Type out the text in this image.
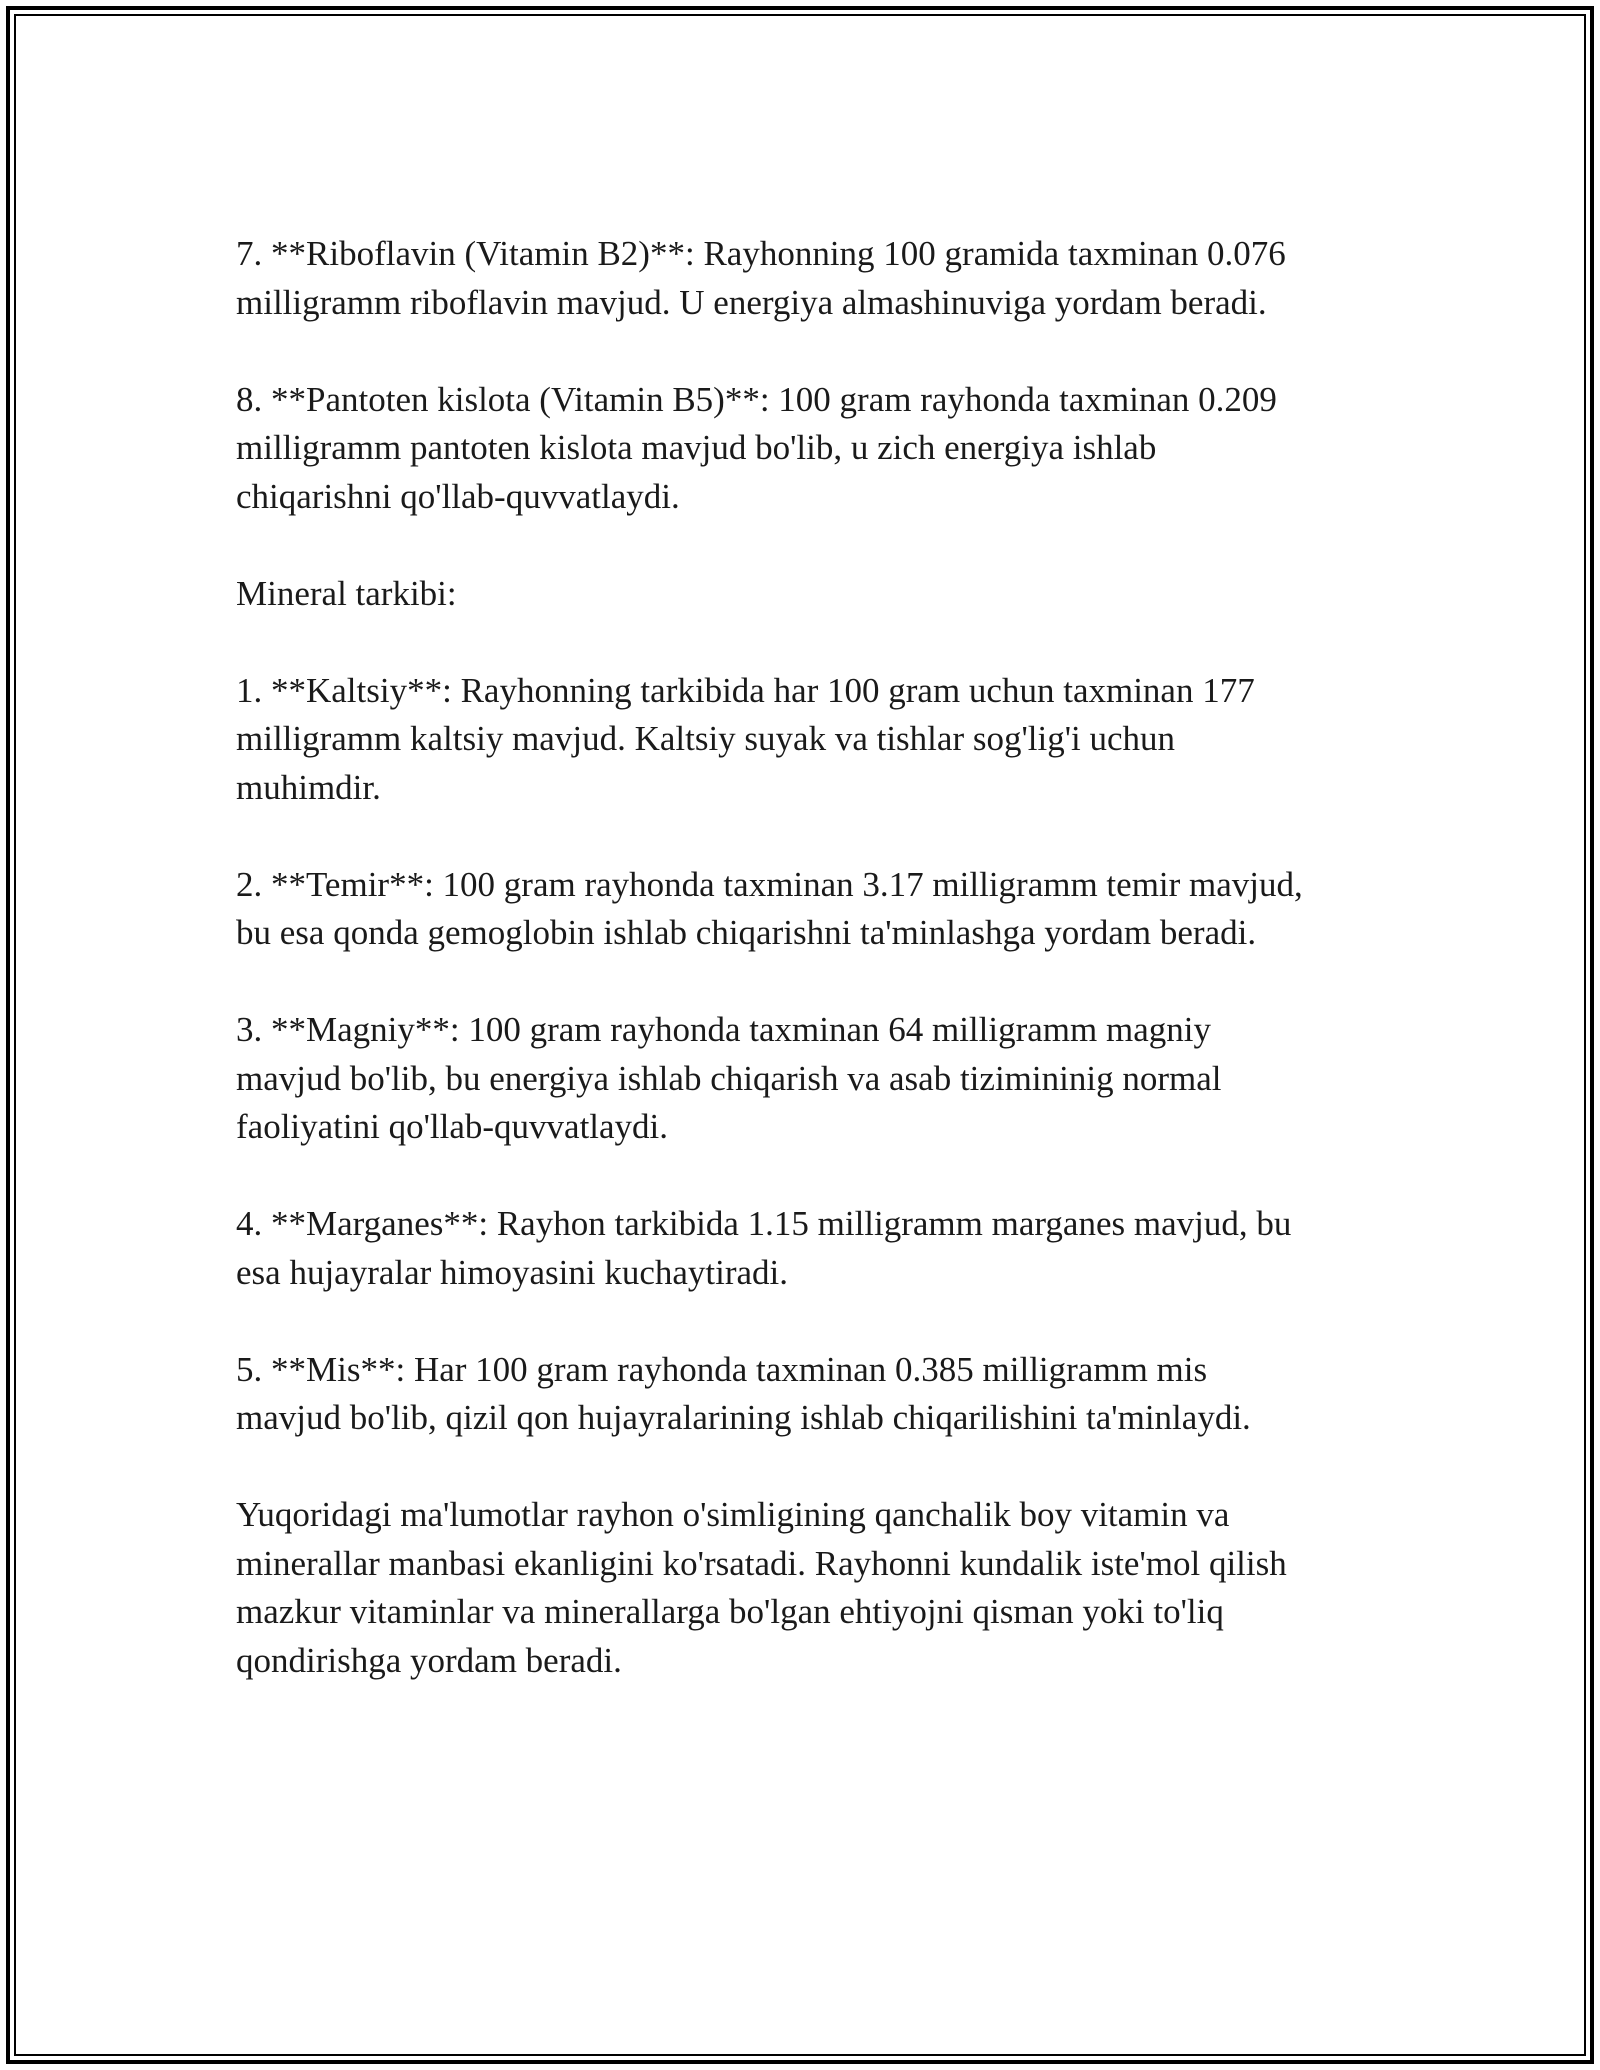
7. **Riboflavin (Vitamin B2)**: Rayhonning 100 gramida taxminan 0.076
milligramm riboflavin mavjud. U energiya almashinuviga yordam beradi.

8. **Pantoten kislota (Vitamin B5)**: 100 gram rayhonda taxminan 0.209
milligramm pantoten kislota mavjud bo'lib, u zich energiya ishlab
chiqarishni qo'llab-quvvatlaydi.

Mineral tarkibi:

1. **Kaltsiy**: Rayhonning tarkibida har 100 gram uchun taxminan 177
milligramm kaltsiy mavjud. Kaltsiy suyak va tishlar sog'lig'i uchun
muhimdir.

2. **Temir**: 100 gram rayhonda taxminan 3.17 milligramm temir mavjud,
bu esa qonda gemoglobin ishlab chiqarishni ta'minlashga yordam beradi.

3. **Magniy**: 100 gram rayhonda taxminan 64 milligramm magniy
mavjud bo'lib, bu energiya ishlab chiqarish va asab tizimininig normal
faoliyatini qo'llab-quvvatlaydi.

4. **Marganes**: Rayhon tarkibida 1.15 milligramm marganes mavjud, bu
esa hujayralar himoyasini kuchaytiradi.

5. **Mis**: Har 100 gram rayhonda taxminan 0.385 milligramm mis
mavjud bo'lib, qizil qon hujayralarining ishlab chiqarilishini ta'minlaydi.

Yuqoridagi ma'lumotlar rayhon o'simligining qanchalik boy vitamin va
minerallar manbasi ekanligini ko'rsatadi. Rayhonni kundalik iste'mol qilish
mazkur vitaminlar va minerallarga bo'lgan ehtiyojni qisman yoki to'liq
qondirishga yordam beradi.
